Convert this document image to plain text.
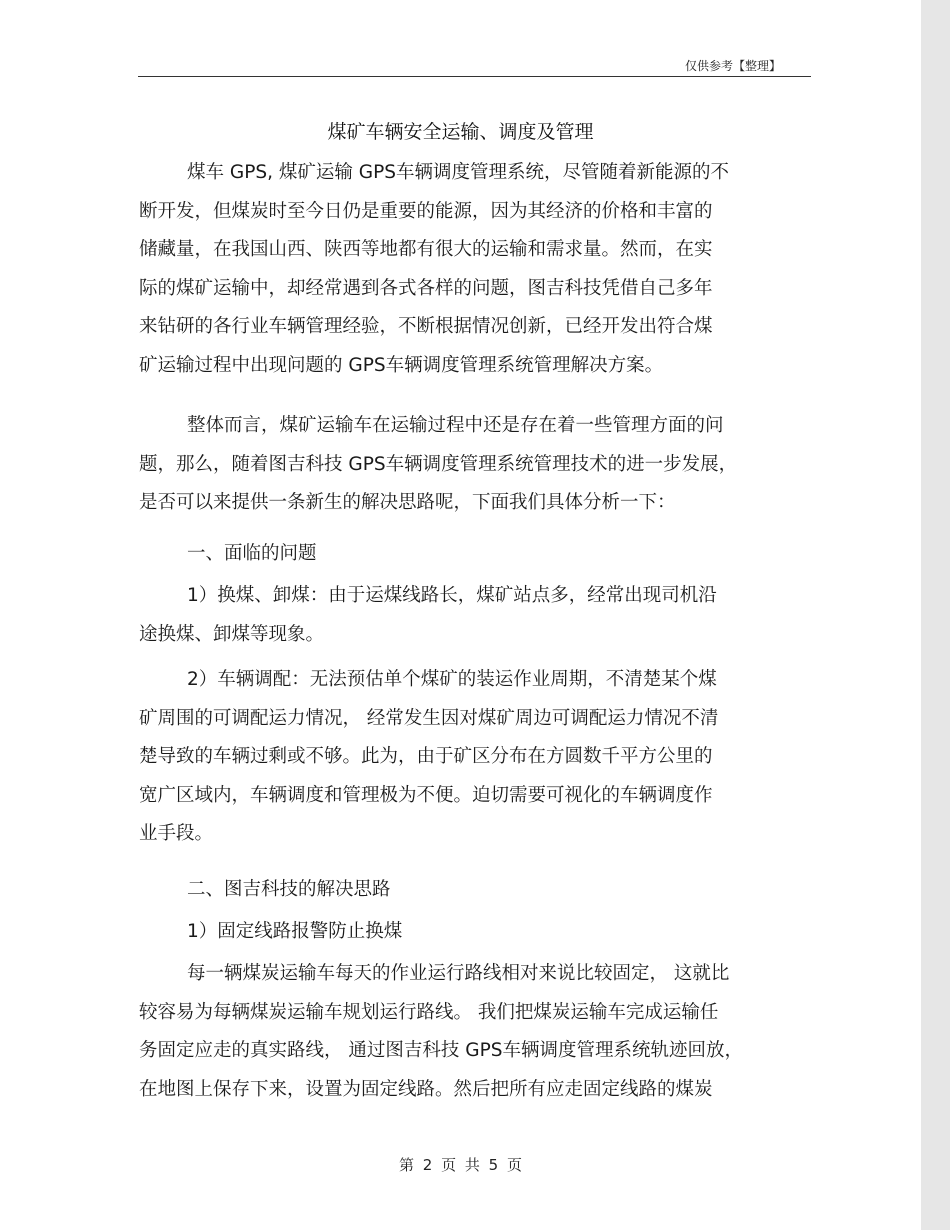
仅供参考【整理】
煤矿车辆安全运输、调度及管理
煤车 GPS, 煤矿运输 GPS车辆调度管理系统，尽管随着新能源的不
断开发，但煤炭时至今日仍是重要的能源，因为其经济的价格和丰富的
储藏量，在我国山西、陕西等地都有很大的运输和需求量。然而，在实
际的煤矿运输中，却经常遇到各式各样的问题，图吉科技凭借自己多年
来钻研的各行业车辆管理经验，不断根据情况创新，已经开发出符合煤
矿运输过程中出现问题的 GPS车辆调度管理系统管理解决方案。
整体而言，煤矿运输车在运输过程中还是存在着一些管理方面的问
题，那么，随着图吉科技 GPS车辆调度管理系统管理技术的进一步发展，
是否可以来提供一条新生的解决思路呢，下面我们具体分析一下：
一、面临的问题
1）换煤、卸煤：由于运煤线路长，煤矿站点多，经常出现司机沿
途换煤、卸煤等现象。
2）车辆调配：无法预估单个煤矿的装运作业周期，不清楚某个煤
矿周围的可调配运力情况， 经常发生因对煤矿周边可调配运力情况不清
楚导致的车辆过剩或不够。此为，由于矿区分布在方圆数千平方公里的
宽广区域内，车辆调度和管理极为不便。迫切需要可视化的车辆调度作
业手段。
二、图吉科技的解决思路
1）固定线路报警防止换煤
每一辆煤炭运输车每天的作业运行路线相对来说比较固定， 这就比
较容易为每辆煤炭运输车规划运行路线。 我们把煤炭运输车完成运输任
务固定应走的真实路线， 通过图吉科技 GPS车辆调度管理系统轨迹回放，
在地图上保存下来，设置为固定线路。然后把所有应走固定线路的煤炭
第 2 页 共 5 页
